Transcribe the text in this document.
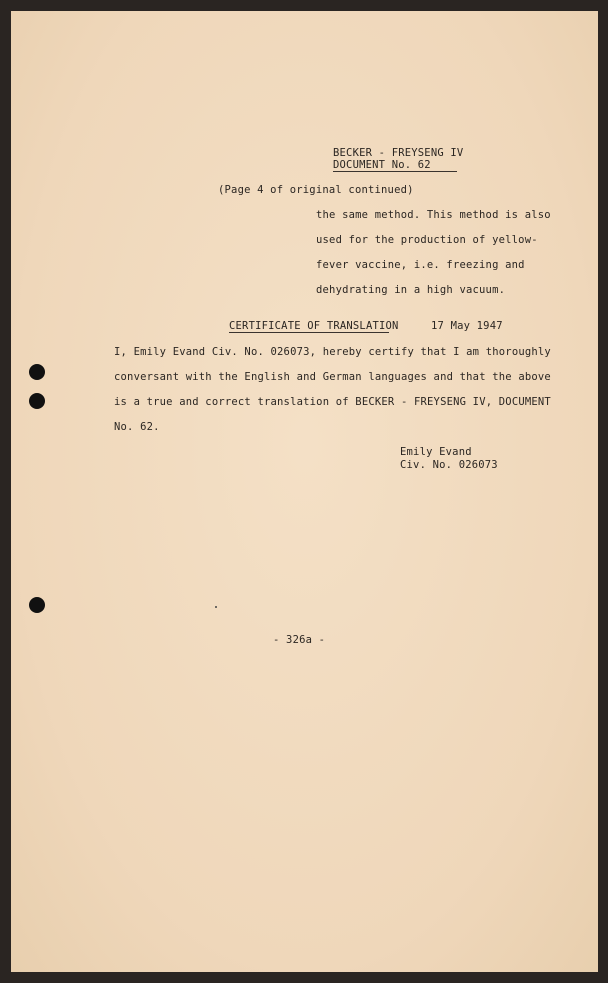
BECKER - FREYSENG IV

DOCUMENT No. 62

(Page 4 of original continued)

the same method. This method is also

used for the production of yellow-

fever vaccine, i.e. freezing and

dehydrating in a high vacuum.

CERTIFICATE OF TRANSLATION	17 May 1947

I, Emily Evand Civ. No. 026073, hereby certify that I am thoroughly

conversant with the English and German languages and that the above

is a true and correct translation of BECKER - FREYSENG IV, DOCUMENT

No. 62.

Emily Evand

Civ. No. 026073

- 326a -
